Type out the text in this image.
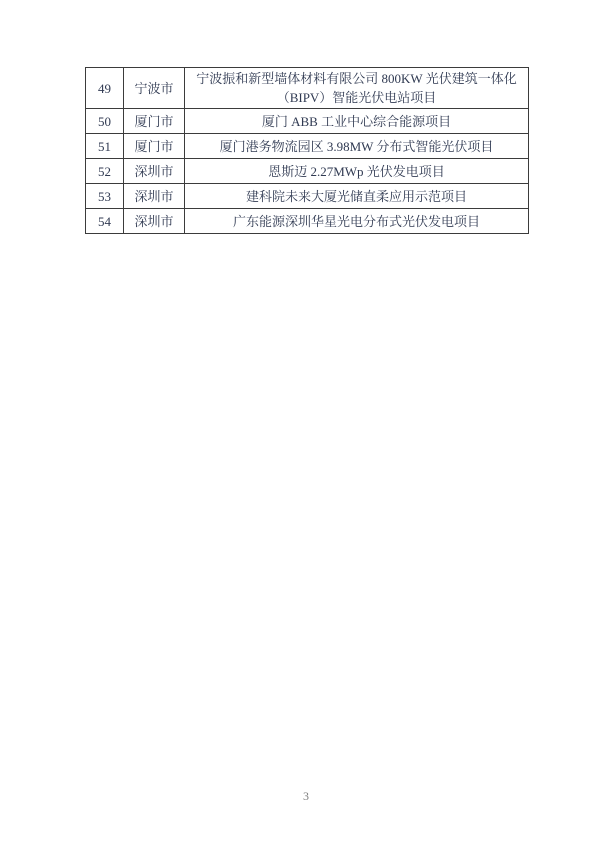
49	宁波市	宁波振和新型墙体材料有限公司 800KW 光伏建筑一体化（BIPV）智能光伏电站项目
50	厦门市	厦门 ABB 工业中心综合能源项目
51	厦门市	厦门港务物流园区 3.98MW 分布式智能光伏项目
52	深圳市	恩斯迈 2.27MWp 光伏发电项目
53	深圳市	建科院未来大厦光储直柔应用示范项目
54	深圳市	广东能源深圳华星光电分布式光伏发电项目
3
